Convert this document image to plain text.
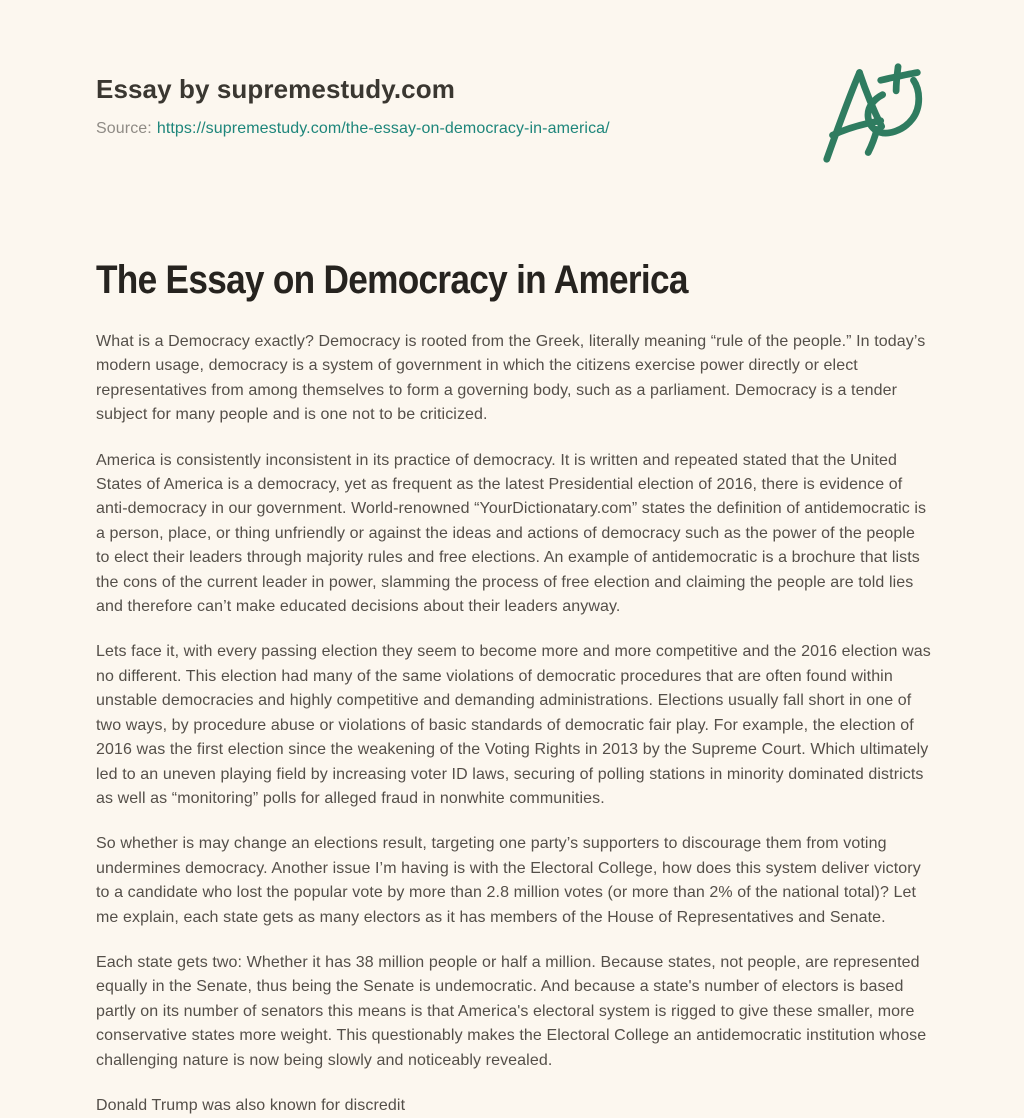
Essay by supremestudy.com
Source: https://supremestudy.com/the-essay-on-democracy-in-america/
The Essay on Democracy in America

What is a Democracy exactly? Democracy is rooted from the Greek, literally meaning “rule of the people.” In today’s modern usage, democracy is a system of government in which the citizens exercise power directly or elect representatives from among themselves to form a governing body, such as a parliament. Democracy is a tender subject for many people and is one not to be criticized.

America is consistently inconsistent in its practice of democracy. It is written and repeated stated that the United States of America is a democracy, yet as frequent as the latest Presidential election of 2016, there is evidence of anti-democracy in our government. World-renowned “YourDictionatary.com” states the definition of antidemocratic is a person, place, or thing unfriendly or against the ideas and actions of democracy such as the power of the people to elect their leaders through majority rules and free elections. An example of antidemocratic is a brochure that lists the cons of the current leader in power, slamming the process of free election and claiming the people are told lies and therefore can’t make educated decisions about their leaders anyway.

Lets face it, with every passing election they seem to become more and more competitive and the 2016 election was no different. This election had many of the same violations of democratic procedures that are often found within unstable democracies and highly competitive and demanding administrations. Elections usually fall short in one of two ways, by procedure abuse or violations of basic standards of democratic fair play. For example, the election of 2016 was the first election since the weakening of the Voting Rights in 2013 by the Supreme Court. Which ultimately led to an uneven playing field by increasing voter ID laws, securing of polling stations in minority dominated districts as well as “monitoring” polls for alleged fraud in nonwhite communities.

So whether is may change an elections result, targeting one party’s supporters to discourage them from voting undermines democracy. Another issue I’m having is with the Electoral College, how does this system deliver victory to a candidate who lost the popular vote by more than 2.8 million votes (or more than 2% of the national total)? Let me explain, each state gets as many electors as it has members of the House of Representatives and Senate.

Each state gets two: Whether it has 38 million people or half a million. Because states, not people, are represented equally in the Senate, thus being the Senate is undemocratic. And because a state's number of electors is based partly on its number of senators this means is that America's electoral system is rigged to give these smaller, more conservative states more weight. This questionably makes the Electoral College an antidemocratic institution whose challenging nature is now being slowly and noticeably revealed.

Donald Trump was also known for discredit
